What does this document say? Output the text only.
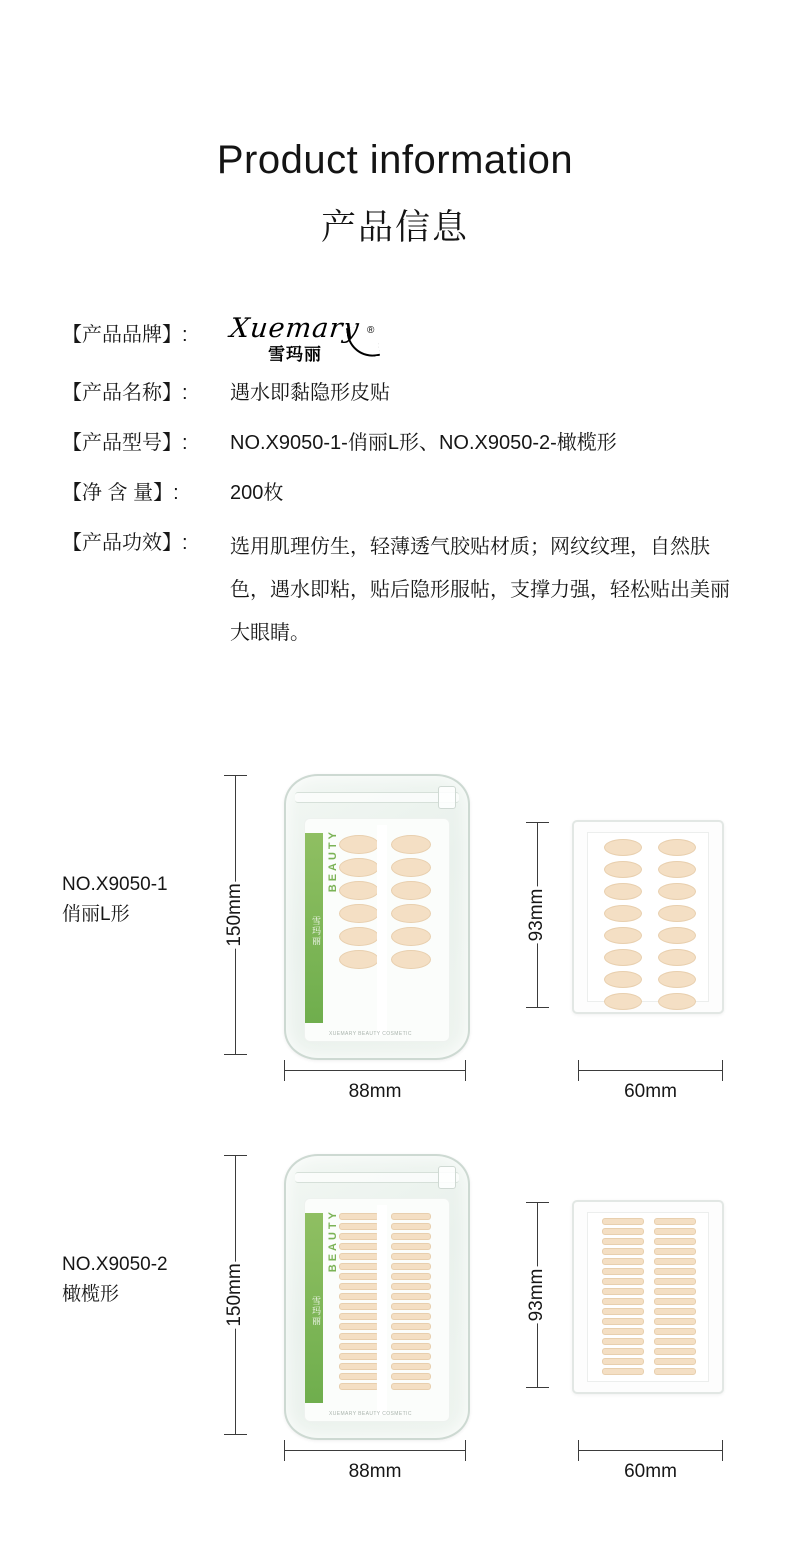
Product information
产品信息
【产品品牌】:	Xuemary ®
雪玛丽
【产品名称】:	遇水即黏隐形皮贴
【产品型号】:	NO.X9050-1-俏丽L形、NO.X9050-2-橄榄形
【净 含 量】:	200枚
【产品功效】:	选用肌理仿生，轻薄透气胶贴材质；网纹纹理，自然肤色，遇水即粘，贴后隐形服帖，支撑力强，轻松贴出美丽大眼睛。
NO.X9050-1
俏丽L形	150mm	雪玛丽
BEAUTY
XUEMARY BEAUTY COSMETIC
88mm
93mm
60mm
NO.X9050-2
橄榄形	150mm	雪玛丽
BEAUTY
XUEMARY BEAUTY COSMETIC
88mm
93mm
60mm
